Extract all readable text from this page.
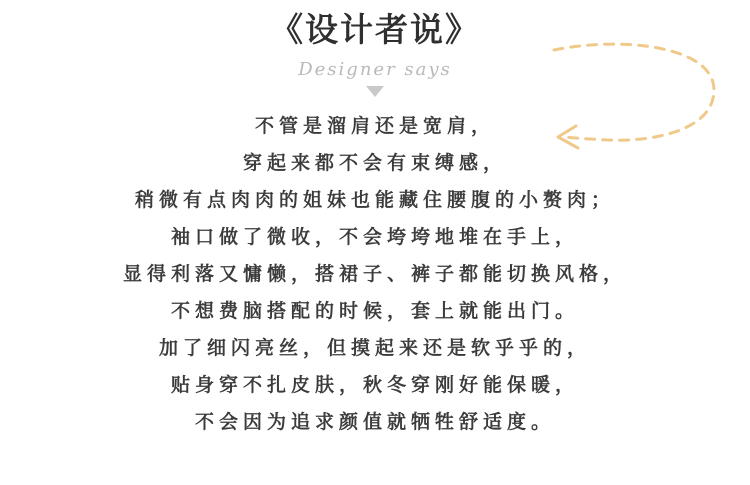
《设计者说》
Designer says
不管是溜肩还是宽肩，
穿起来都不会有束缚感，
稍微有点肉肉的姐妹也能藏住腰腹的小赘肉；
袖口做了微收，不会垮垮地堆在手上，
显得利落又慵懒，搭裙子、裤子都能切换风格，
不想费脑搭配的时候，套上就能出门。
加了细闪亮丝，但摸起来还是软乎乎的，
贴身穿不扎皮肤，秋冬穿刚好能保暖，
不会因为追求颜值就牺牲舒适度。
